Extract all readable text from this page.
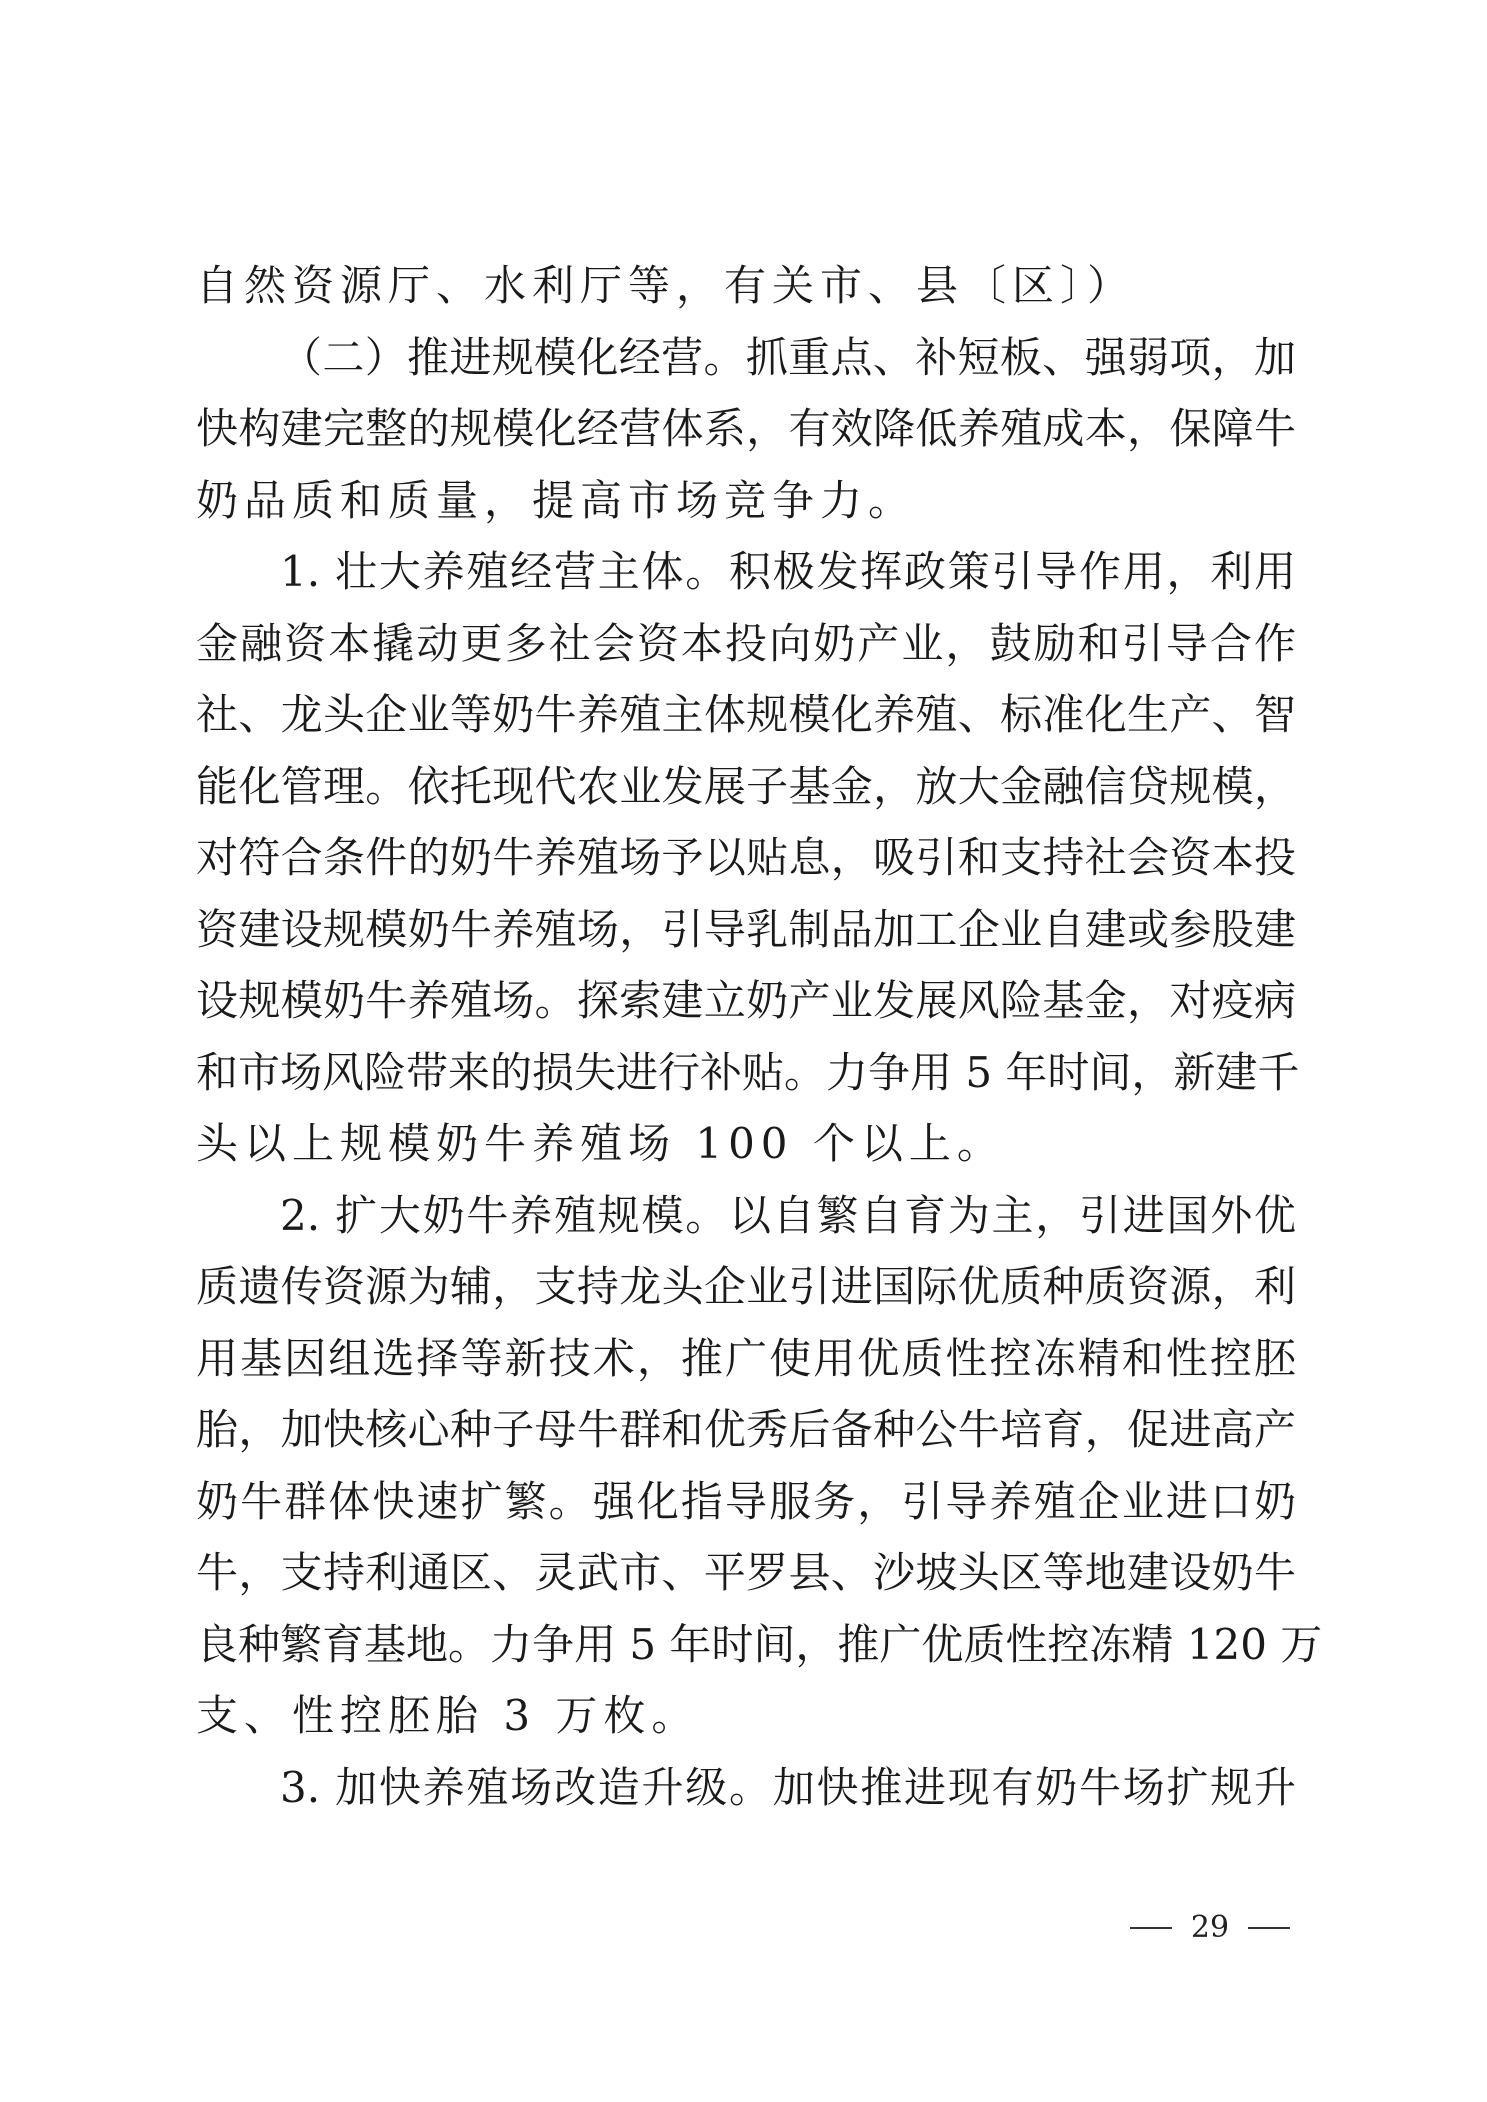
自然资源厅、水利厅等，有关市、县〔区〕）
（二）推进规模化经营。抓重点、补短板、强弱项，加
快构建完整的规模化经营体系，有效降低养殖成本，保障牛
奶品质和质量，提高市场竞争力。
1. 壮大养殖经营主体。积极发挥政策引导作用，利用
金融资本撬动更多社会资本投向奶产业，鼓励和引导合作
社、龙头企业等奶牛养殖主体规模化养殖、标准化生产、智
能化管理。依托现代农业发展子基金，放大金融信贷规模，
对符合条件的奶牛养殖场予以贴息，吸引和支持社会资本投
资建设规模奶牛养殖场，引导乳制品加工企业自建或参股建
设规模奶牛养殖场。探索建立奶产业发展风险基金，对疫病
和市场风险带来的损失进行补贴。力争用 5 年时间，新建千
头以上规模奶牛养殖场 100 个以上。
2. 扩大奶牛养殖规模。以自繁自育为主，引进国外优
质遗传资源为辅，支持龙头企业引进国际优质种质资源，利
用基因组选择等新技术，推广使用优质性控冻精和性控胚
胎，加快核心种子母牛群和优秀后备种公牛培育，促进高产
奶牛群体快速扩繁。强化指导服务，引导养殖企业进口奶
牛，支持利通区、灵武市、平罗县、沙坡头区等地建设奶牛
良种繁育基地。力争用 5 年时间，推广优质性控冻精 120 万
支、性控胚胎 3 万枚。
3. 加快养殖场改造升级。加快推进现有奶牛场扩规升
29
